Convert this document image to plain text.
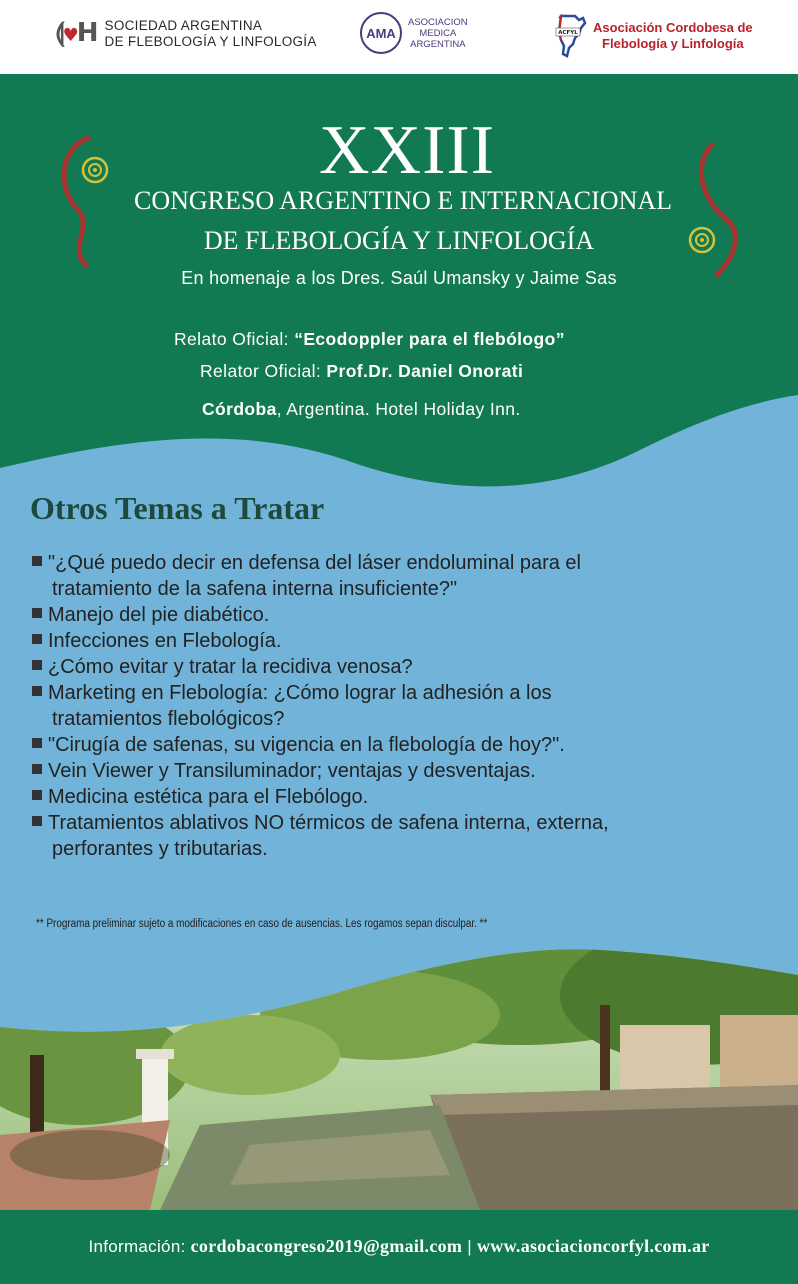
⟬♥H SOCIEDAD ARGENTINA
DE FLEBOLOGÍA Y LINFOLOGÍA
AMA
ASOCIACION
MEDICA
ARGENTINA
ACFYL Asociación Cordobesa de
Flebología y Linfología
XXIII
CONGRESO ARGENTINO E INTERNACIONAL
DE FLEBOLOGÍA Y LINFOLOGÍA
En homenaje a los Dres. Saúl Umansky y Jaime Sas
Relato Oficial: “Ecodoppler para el flebólogo”
Relator Oficial: Prof.Dr. Daniel Onorati
Córdoba, Argentina. Hotel Holiday Inn.
Otros Temas a Tratar
"¿Qué puedo decir en defensa del láser endoluminal para el
tratamiento de la safena interna insuficiente?"
Manejo del pie diabético.
Infecciones en Flebología.
¿Cómo evitar y tratar la recidiva venosa?
Marketing en Flebología: ¿Cómo lograr la adhesión a los
tratamientos flebológicos?
"Cirugía de safenas, su vigencia en la flebología de hoy?".
Vein Viewer y Transiluminador; ventajas y desventajas.
Medicina estética para el Flebólogo.
Tratamientos ablativos NO térmicos de safena interna, externa,
perforantes y tributarias.
** Programa preliminar sujeto a modificaciones en caso de ausencias. Les rogamos sepan disculpar. **
Información: cordobacongreso2019@gmail.com | www.asociacioncorfyl.com.ar
